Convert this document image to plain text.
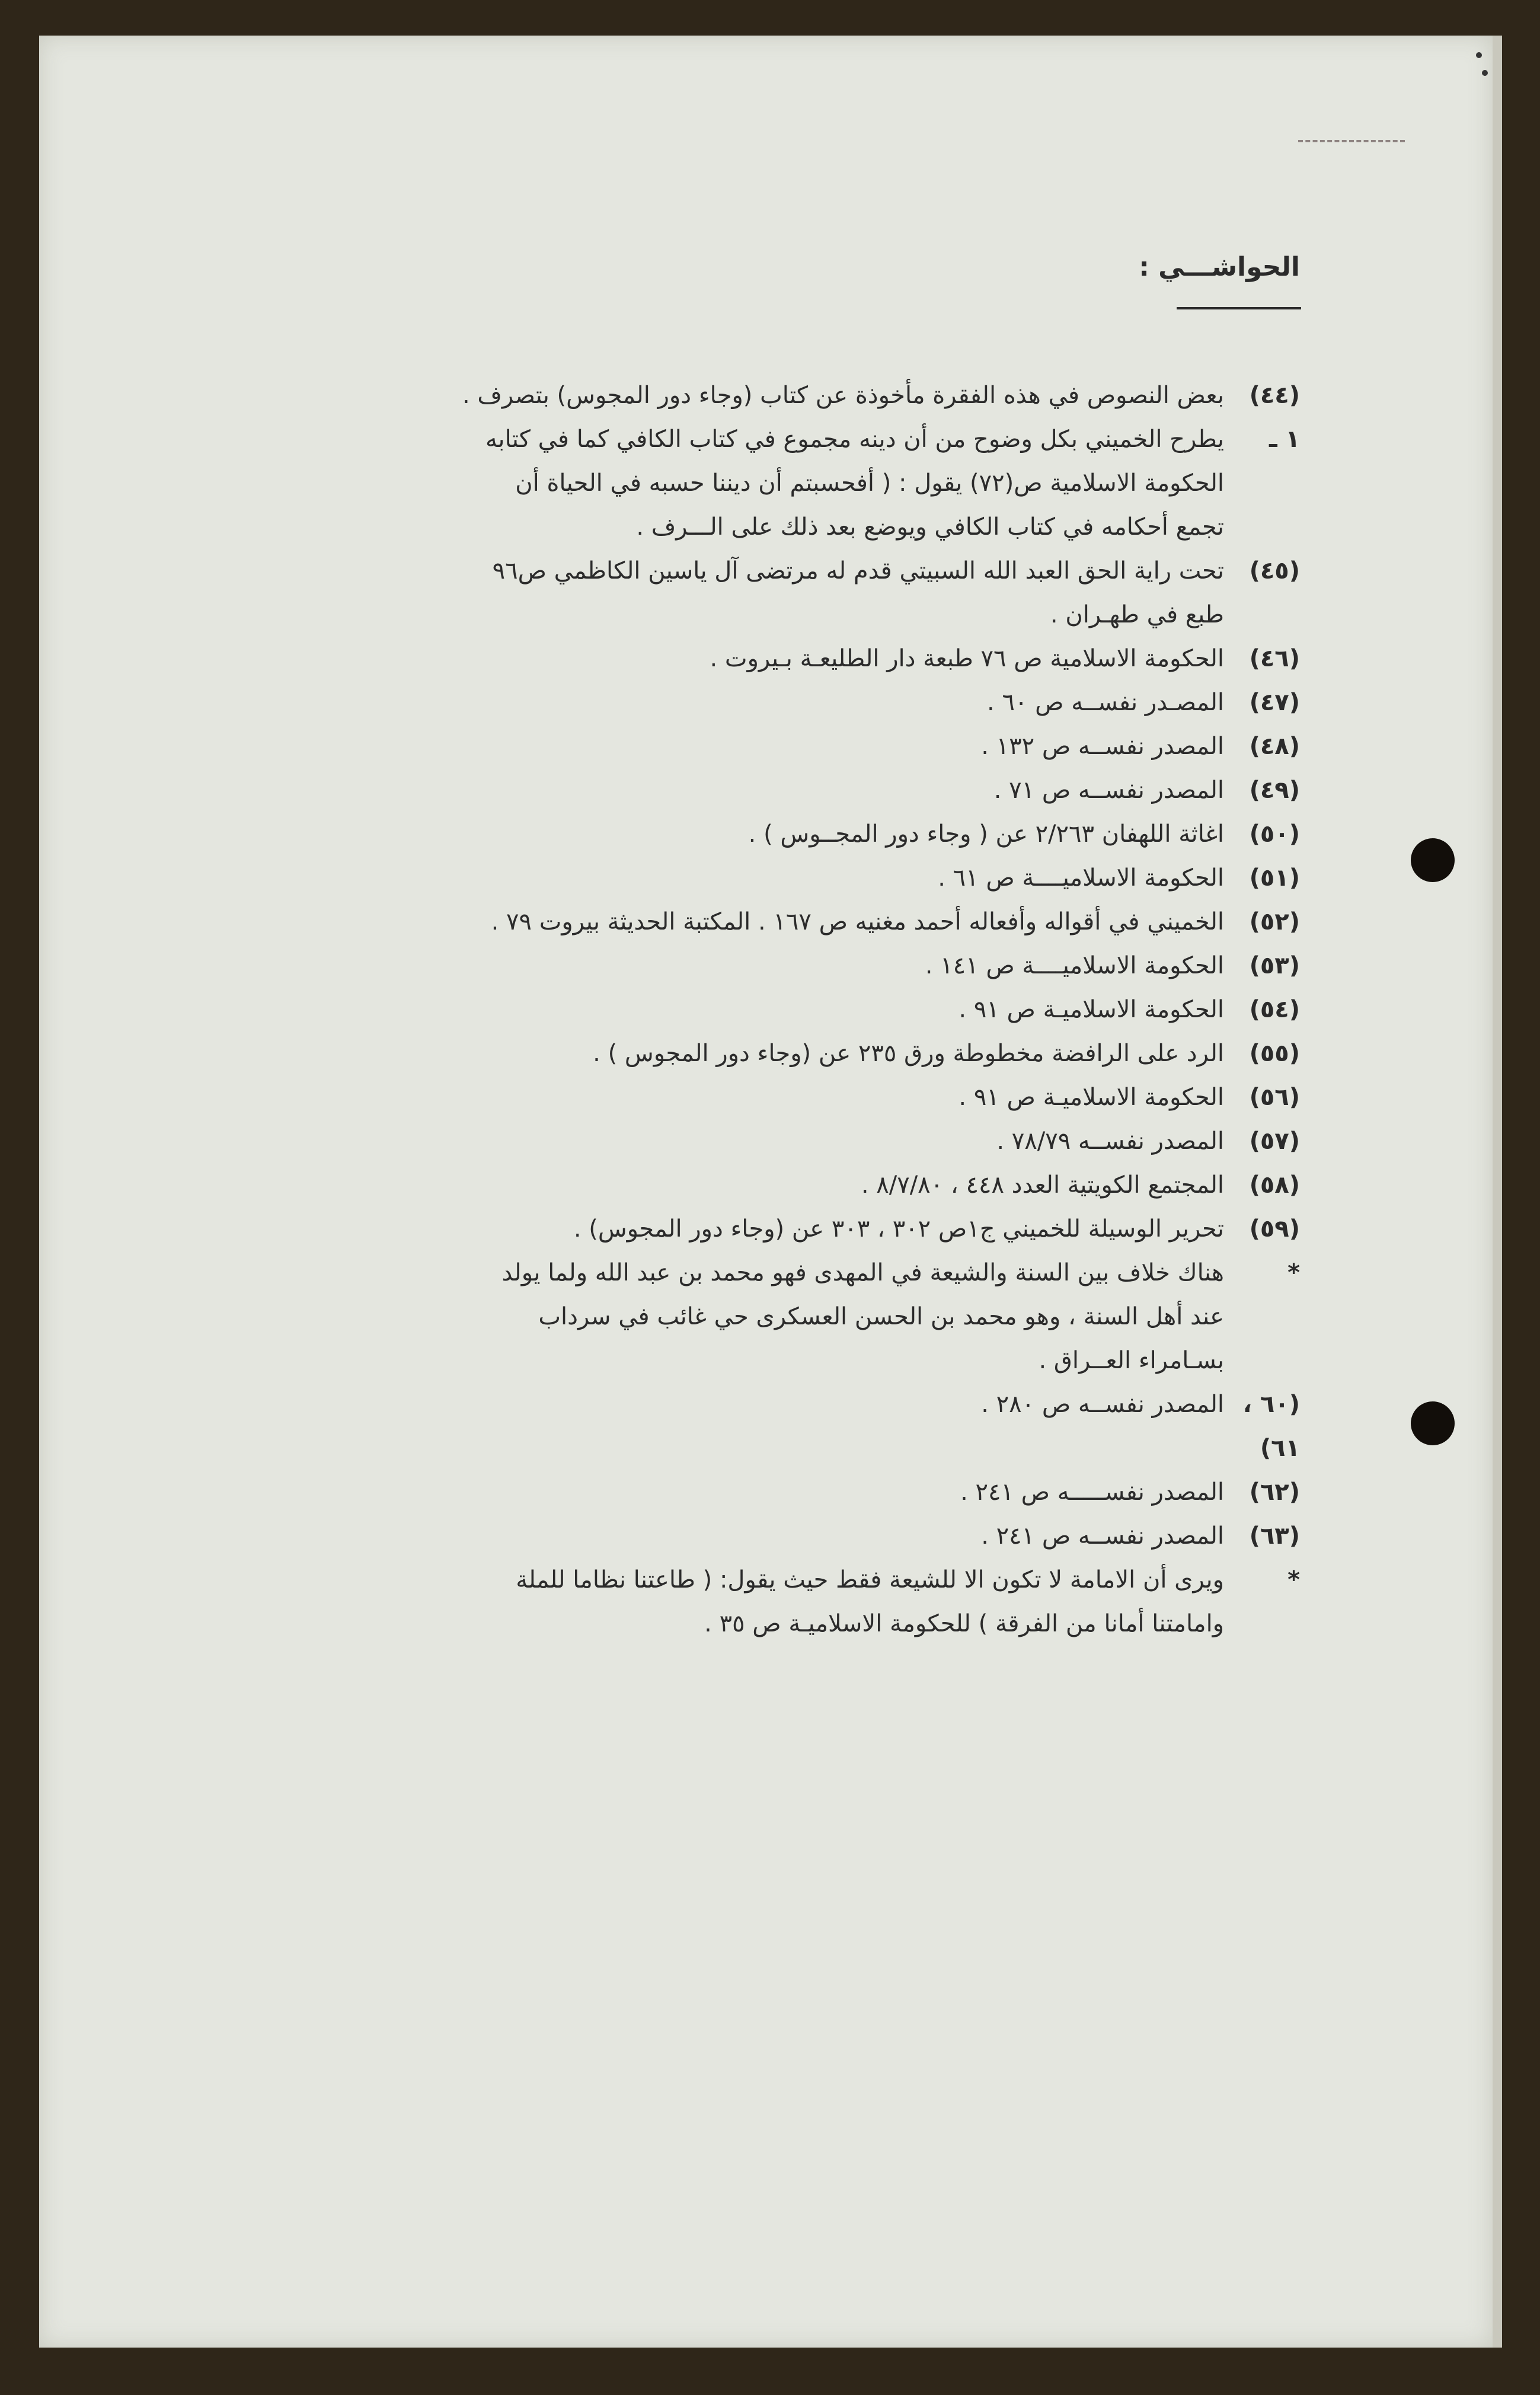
الحواشـــي :
(٤٤)
بعض النصوص في هذه الفقرة مأخوذة عن كتاب (وجاء دور المجوس) بتصرف .
١ ـ
يطرح الخميني بكل وضوح من أن دينه مجموع في كتاب الكافي كما في كتابه
الحكومة الاسلامية ص(٧٢) يقول : ( أفحسبتم أن ديننا حسبه في الحياة أن
تجمع أحكامه في كتاب الكافي ويوضع بعد ذلك على الـــرف .
(٤٥)
تحت راية الحق العبد الله السبيتي قدم له مرتضى آل ياسين الكاظمي ص٩٦
طبع في طهـران .
(٤٦)
الحكومة الاسلامية ص ٧٦ طبعة دار الطليعـة بـيروت .
(٤٧)
المصـدر نفســه ص ٦٠ .
(٤٨)
المصدر نفســه ص ١٣٢ .
(٤٩)
المصدر نفســه ص ٧١ .
(٥٠)
اغاثة اللهفان ٢/٢٦٣ عن ( وجاء دور المجــوس ) .
(٥١)
الحكومة الاسلاميــــة ص ٦١ .
(٥٢)
الخميني في أقواله وأفعاله أحمد مغنيه ص ١٦٧ . المكتبة الحديثة بيروت ٧٩ .
(٥٣)
الحكومة الاسلاميــــة ص ١٤١ .
(٥٤)
الحكومة الاسلاميـة ص ٩١ .
(٥٥)
الرد على الرافضة مخطوطة ورق ٢٣٥ عن (وجاء دور المجوس ) .
(٥٦)
الحكومة الاسلاميـة ص ٩١ .
(٥٧)
المصدر نفســه ٧٨/٧٩ .
(٥٨)
المجتمع الكويتية العدد ٤٤٨ ، ٨/٧/٨٠ .
(٥٩)
تحرير الوسيلة للخميني ج١ص ٣٠٢ ، ٣٠٣ عن (وجاء دور المجوس) .
*
هناك خلاف بين السنة والشيعة في المهدى فهو محمد بن عبد الله ولما يولد
عند أهل السنة ، وهو محمد بن الحسن العسكرى حي غائب في سرداب
بسـامراء العــراق .
(٦٠ ، ٦١)
المصدر نفســه ص ٢٨٠ .
(٦٢)
المصدر نفســـــه ص ٢٤١ .
(٦٣)
المصدر نفســه ص ٢٤١ .
*
ويرى أن الامامة لا تكون الا للشيعة فقط حيث يقول: ( طاعتنا نظاما للملة
وامامتنا أمانا من الفرقة ) للحكومة الاسلاميـة ص ٣٥ .
